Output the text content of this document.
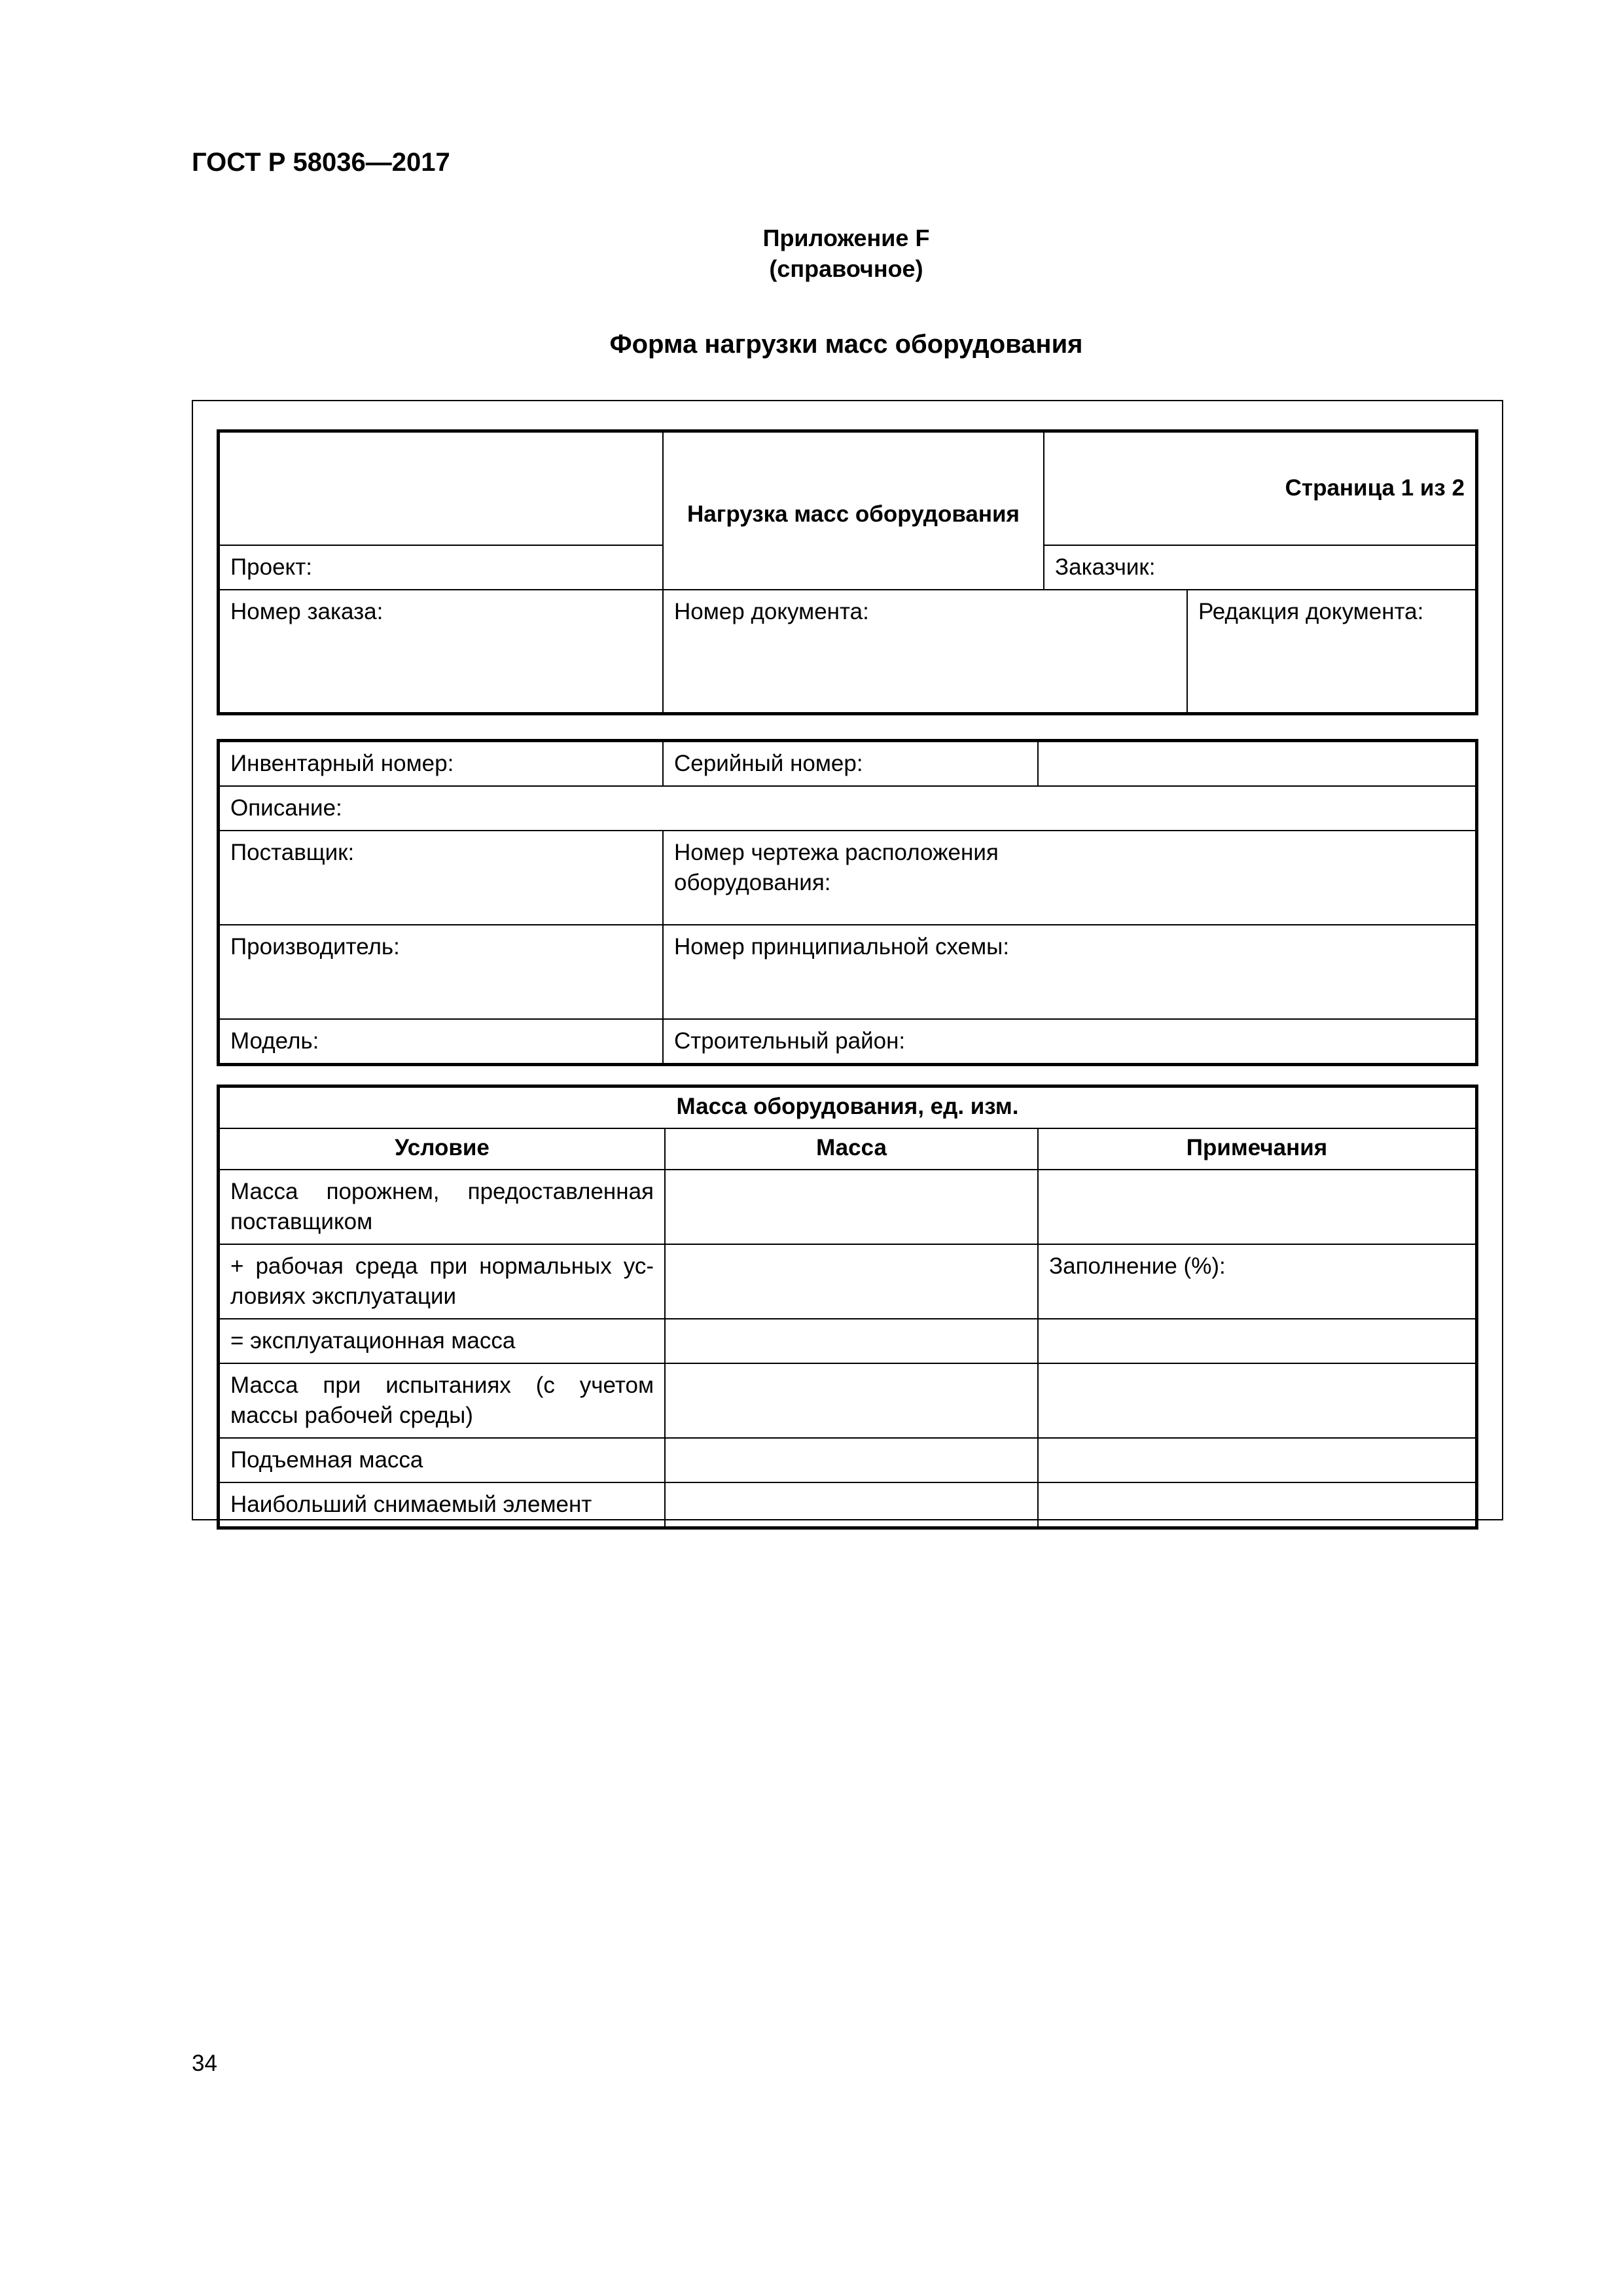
ГОСТ Р 58036—2017
Приложение F
(справочное)
Форма нагрузки масс оборудования
	Нагрузка масс оборудования	Страница 1 из 2	
Проект:		Заказчик:	
Номер заказа:	Номер документа:		Редакция документа:
Инвентарный номер:	Серийный номер:	
Описание:		
Поставщик:	Номер чертежа расположения оборудования:	

Производитель:	Номер принципиальной схемы:	
Модель:	Строительный район:	
Масса оборудования, ед. изм.		
Условие	Масса	Примечания
Масса порожнем, предоставленная поставщиком		
+ рабочая среда при нормальных ус-ловиях эксплуатации		Заполнение (%):
= эксплуатационная масса		
Масса при испытаниях (с учетом массы рабочей среды)		
Подъемная масса		
Наибольший снимаемый элемент		
34
